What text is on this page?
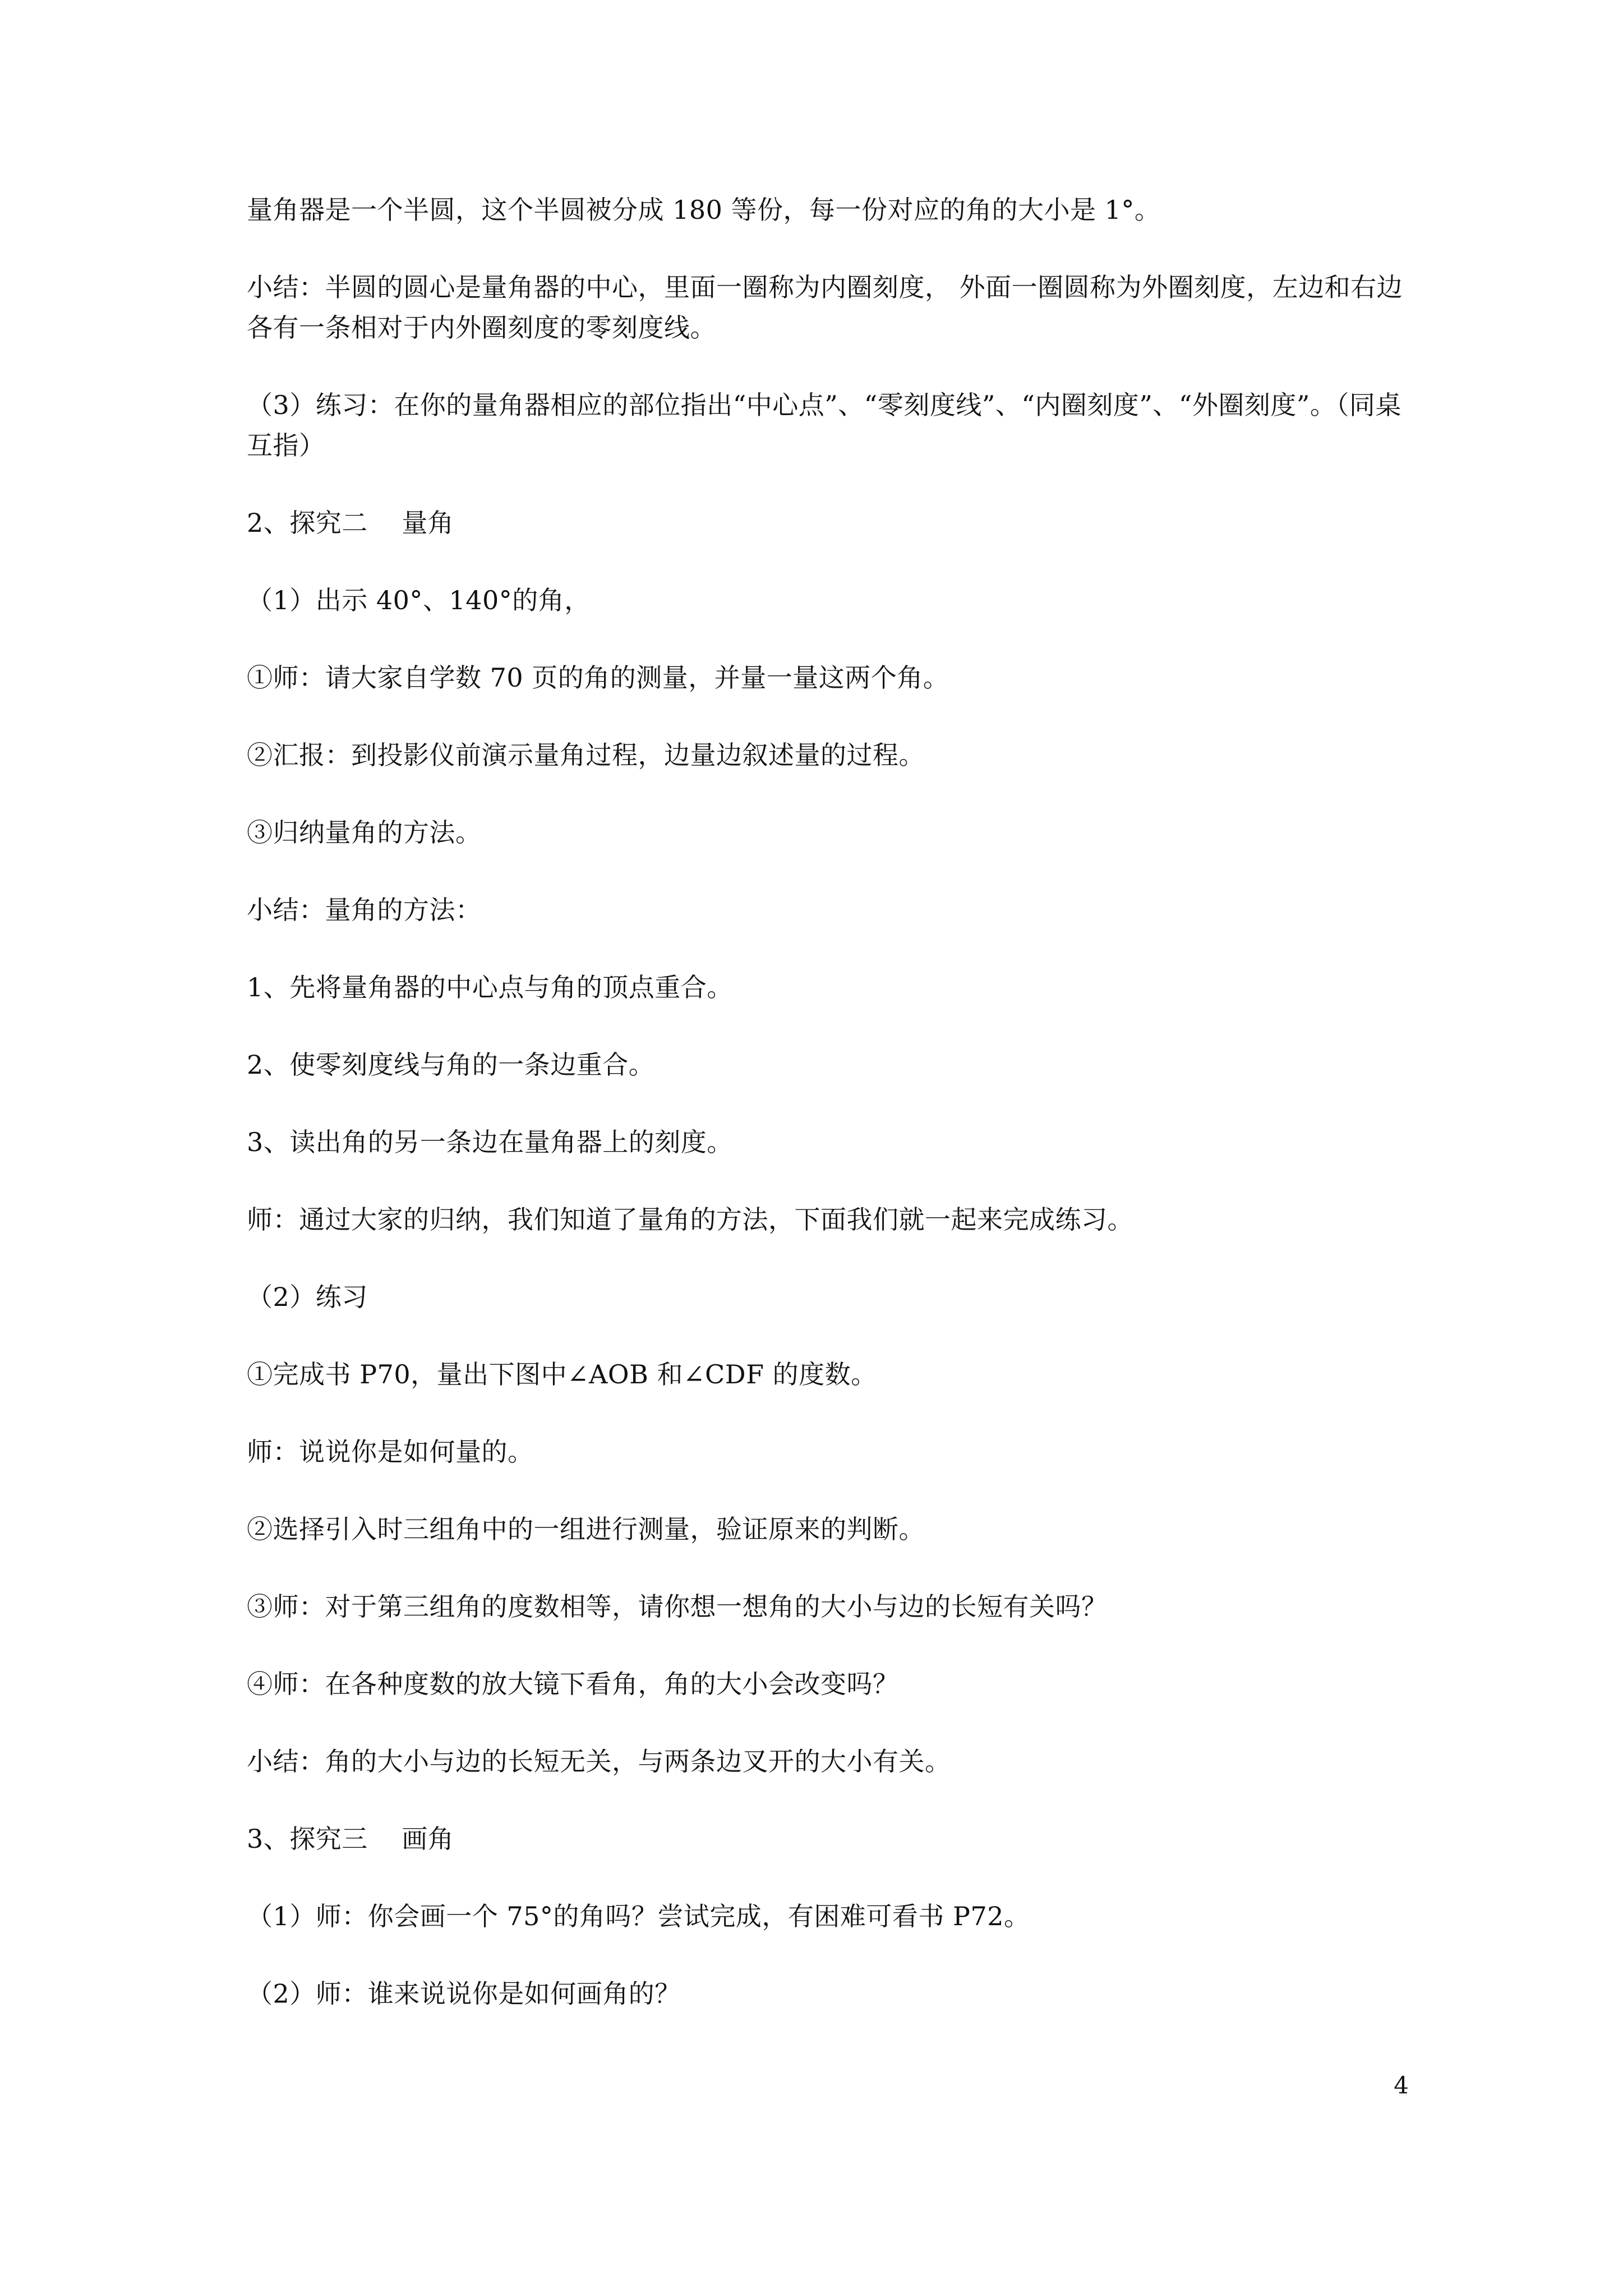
量角器是一个半圆，这个半圆被分成 180 等份，每一份对应的角的大小是 1°。

小结：半圆的圆心是量角器的中心，里面一圈称为内圈刻度， 外面一圈圆称为外圈刻度，左边和右边各有一条相对于内外圈刻度的零刻度线。

（3）练习：在你的量角器相应的部位指出“中心点”、“零刻度线”、“内圈刻度”、“外圈刻度”。（同桌互指）

2、探究二    量角

（1）出示 40°、140°的角，

①师：请大家自学数 70 页的角的测量，并量一量这两个角。

②汇报：到投影仪前演示量角过程，边量边叙述量的过程。

③归纳量角的方法。

小结：量角的方法：

1、先将量角器的中心点与角的顶点重合。

2、使零刻度线与角的一条边重合。

3、读出角的另一条边在量角器上的刻度。

师：通过大家的归纳，我们知道了量角的方法，下面我们就一起来完成练习。

（2）练习

①完成书 P70，量出下图中∠AOB 和∠CDF 的度数。

师：说说你是如何量的。

②选择引入时三组角中的一组进行测量，验证原来的判断。

③师：对于第三组角的度数相等，请你想一想角的大小与边的长短有关吗？

④师：在各种度数的放大镜下看角，角的大小会改变吗？

小结：角的大小与边的长短无关，与两条边叉开的大小有关。

3、探究三    画角

（1）师：你会画一个 75°的角吗？尝试完成，有困难可看书 P72。

（2）师：谁来说说你是如何画角的？

4
